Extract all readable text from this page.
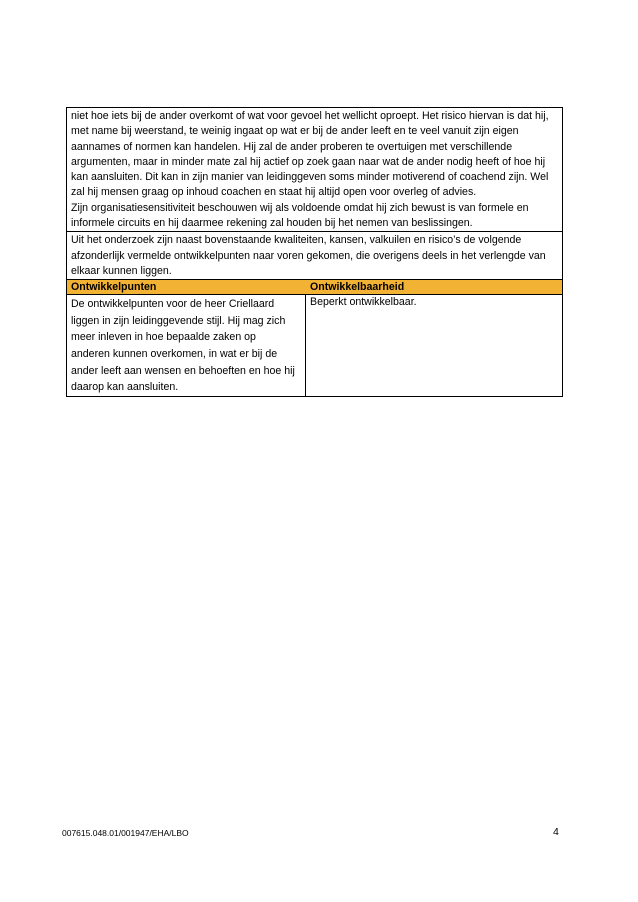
niet hoe iets bij de ander overkomt of wat voor gevoel het wellicht oproept. Het risico hiervan is dat hij,

met name bij weerstand, te weinig ingaat op wat er bij de ander leeft en te veel vanuit zijn eigen

aannames of normen kan handelen. Hij zal de ander proberen te overtuigen met verschillende

argumenten, maar in minder mate zal hij actief op zoek gaan naar wat de ander nodig heeft of hoe hij

kan aansluiten. Dit kan in zijn manier van leidinggeven soms minder motiverend of coachend zijn. Wel

zal hij mensen graag op inhoud coachen en staat hij altijd open voor overleg of advies.

Zijn organisatiesensitiviteit beschouwen wij als voldoende omdat hij zich bewust is van formele en

informele circuits en hij daarmee rekening zal houden bij het nemen van beslissingen.

Uit het onderzoek zijn naast bovenstaande kwaliteiten, kansen, valkuilen en risico’s de volgende

afzonderlijk vermelde ontwikkelpunten naar voren gekomen, die overigens deels in het verlengde van

elkaar kunnen liggen.

Ontwikkelpunten	Ontwikkelbaarheid

De ontwikkelpunten voor de heer Criellaard

liggen in zijn leidinggevende stijl. Hij mag zich

meer inleven in hoe bepaalde zaken op

anderen kunnen overkomen, in wat er bij de

ander leeft aan wensen en behoeften en hoe hij

daarop kan aansluiten.

Beperkt ontwikkelbaar.
007615.048.01/001947/EHA/LBO	4
